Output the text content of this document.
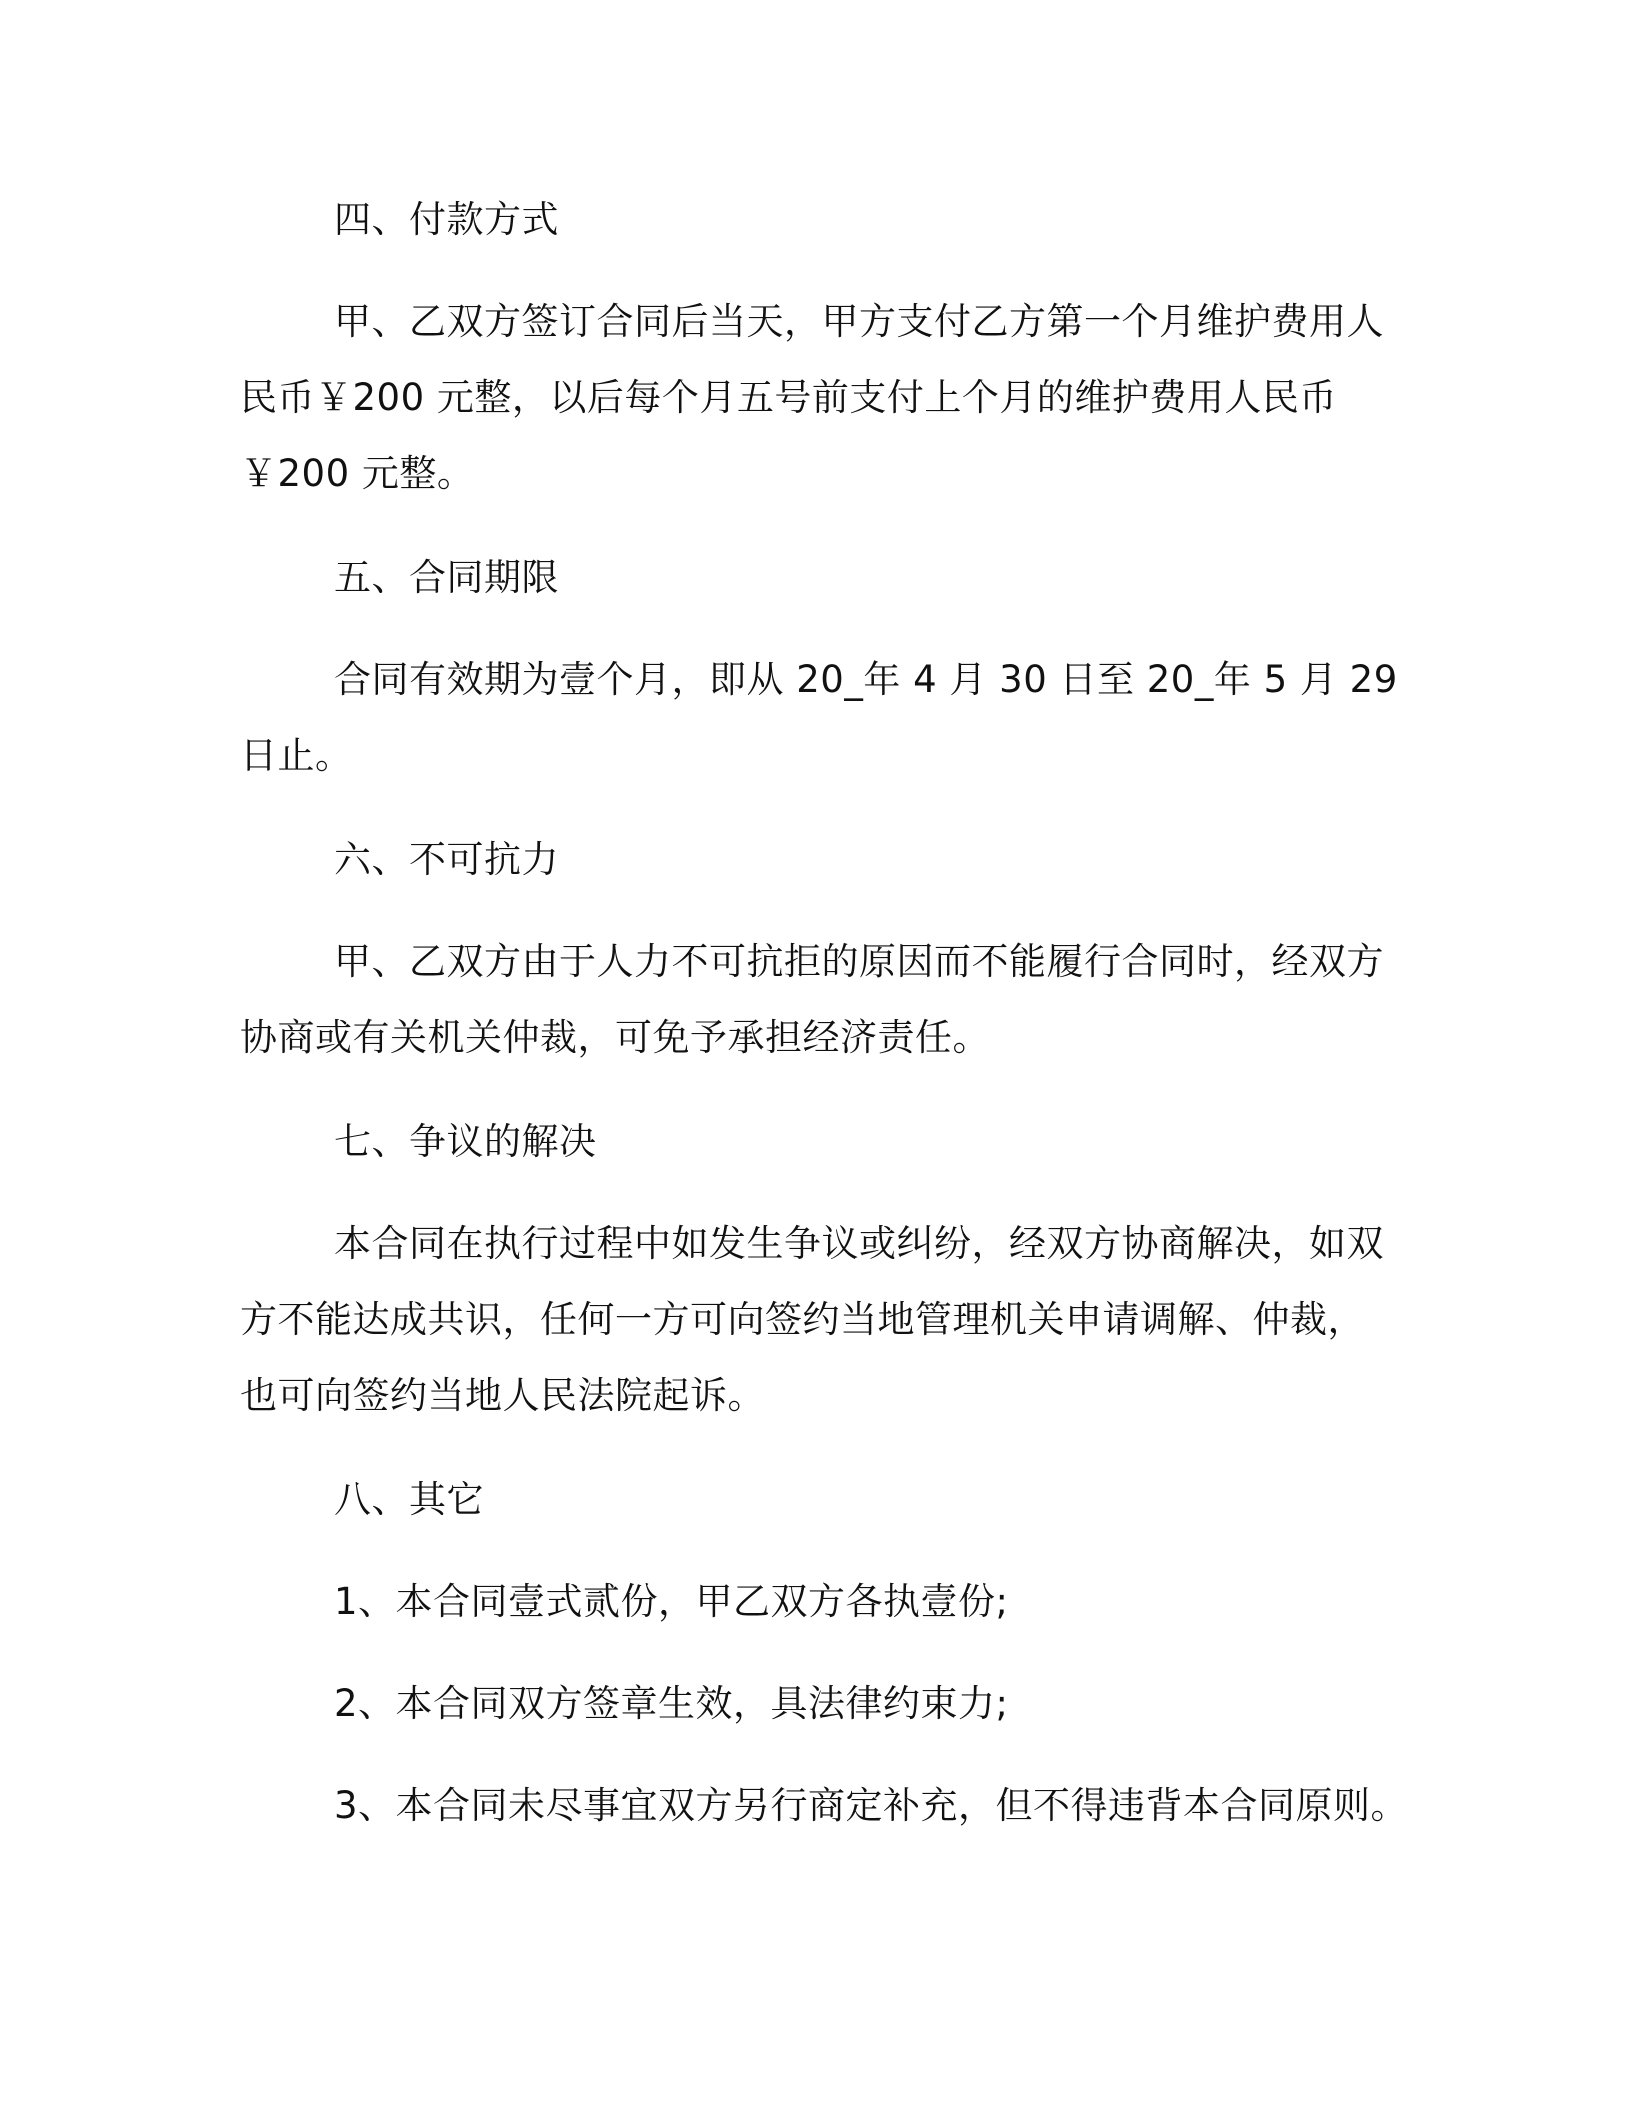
四、付款方式
甲、乙双方签订合同后当天，甲方支付乙方第一个月维护费用人
民币￥200 元整，以后每个月五号前支付上个月的维护费用人民币
￥200 元整。
五、合同期限
合同有效期为壹个月，即从 20_年 4 月 30 日至 20_年 5 月 29
日止。
六、不可抗力
甲、乙双方由于人力不可抗拒的原因而不能履行合同时，经双方
协商或有关机关仲裁，可免予承担经济责任。
七、争议的解决
本合同在执行过程中如发生争议或纠纷，经双方协商解决，如双
方不能达成共识，任何一方可向签约当地管理机关申请调解、仲裁，
也可向签约当地人民法院起诉。
八、其它
1、本合同壹式贰份，甲乙双方各执壹份;
2、本合同双方签章生效，具法律约束力;
3、本合同未尽事宜双方另行商定补充，但不得违背本合同原则。
